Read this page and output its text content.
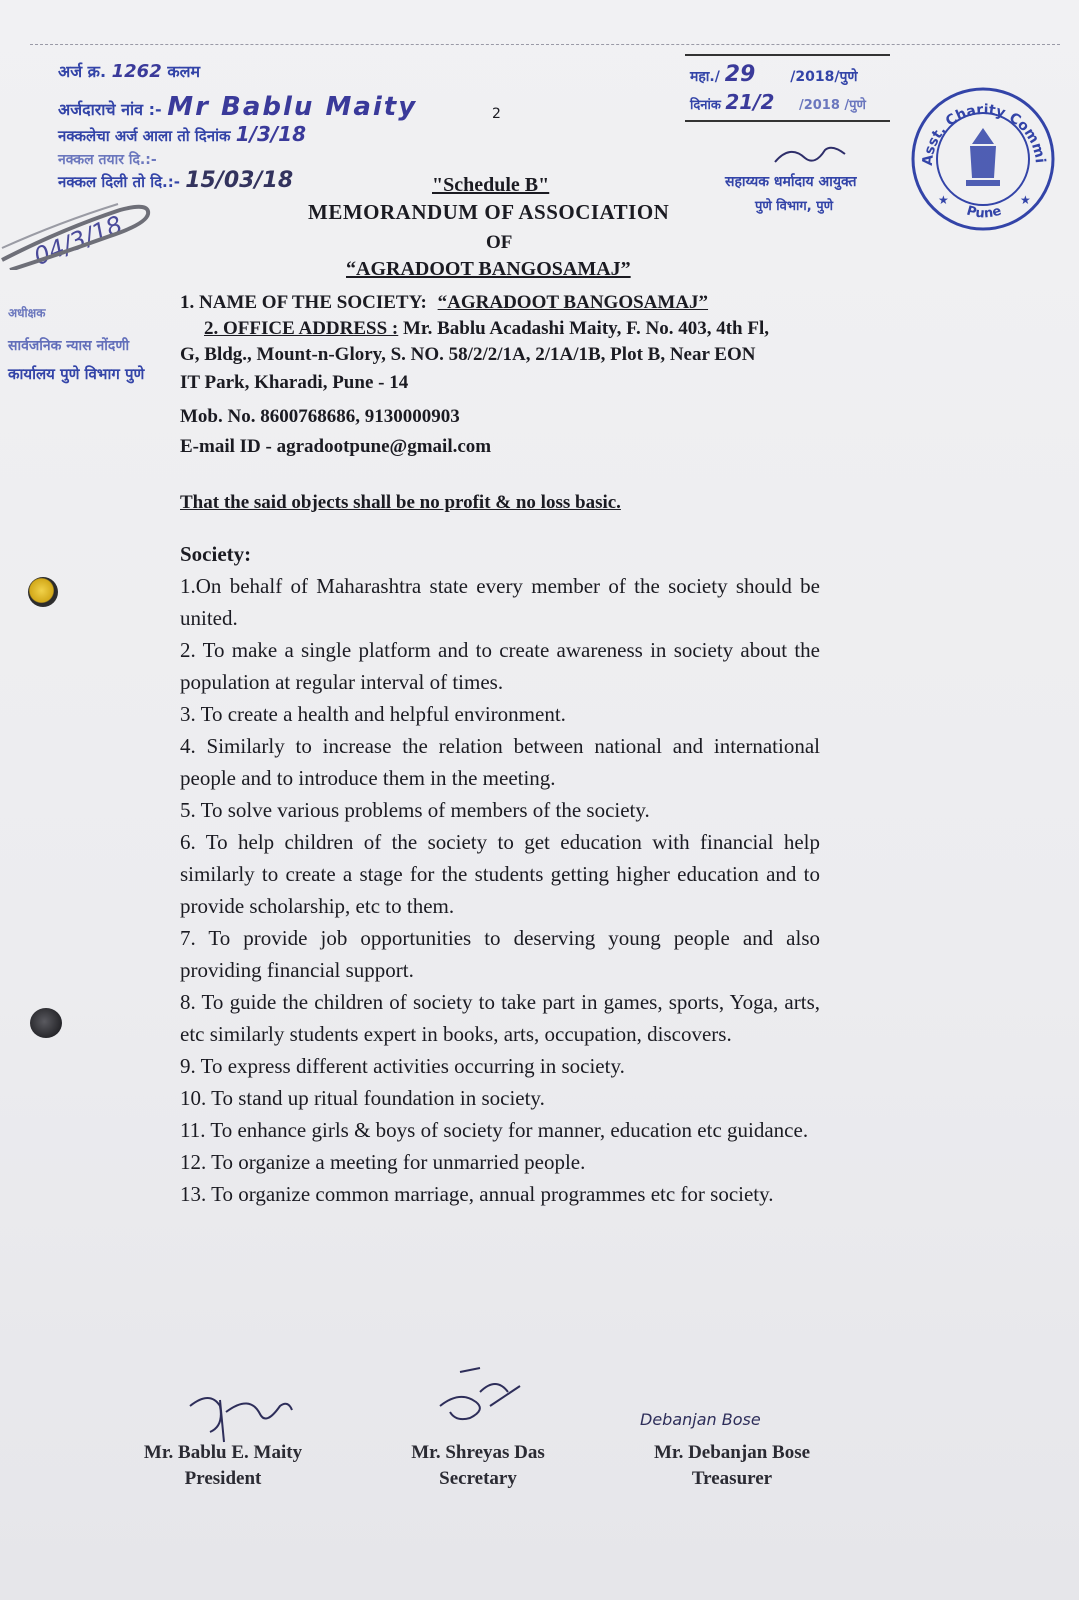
अर्ज क्र. 1262 कलम
अर्जदाराचे नांव :- Mr Bablu Maity	2
नक्कलेचा अर्ज आला तो दिनांक 1/3/18
नक्कल तयार दि.:-
नक्कल दिली तो दि.:- 15/03/18
04/3/18
महा./ 29 /2018/पुणे
दिनांक 21/2 /2018 /पुणे
सहाय्यक धर्मादाय आयुक्त
पुणे विभाग, पुणे
Asst. Charity Commi
Pune
★	★
अधीक्षक
सार्वजनिक न्यास नोंदणी
कार्यालय पुणे विभाग पुणे
"Schedule B"
MEMORANDUM OF ASSOCIATION
OF
“AGRADOOT BANGOSAMAJ”
1. NAME OF THE SOCIETY: “AGRADOOT BANGOSAMAJ”
2. OFFICE ADDRESS : Mr. Bablu Acadashi Maity, F. No. 403, 4th Fl,
G, Bldg., Mount-n-Glory, S. NO. 58/2/2/1A, 2/1A/1B, Plot B, Near EON
IT Park, Kharadi, Pune - 14
Mob. No. 8600768686, 9130000903
E-mail ID - agradootpune@gmail.com
That the said objects shall be no profit & no loss basic.

Society:

1.On behalf of Maharashtra state every member of the society should be united.

2. To make a single platform and to create awareness in society about the population at regular interval of times.

3. To create a health and helpful environment.

4. Similarly to increase the relation between national and international people and to introduce them in the meeting.

5. To solve various problems of members of the society.

6. To help children of the society to get education with financial help similarly to create a stage for the students getting higher education and to provide scholarship, etc to them.

7. To provide job opportunities to deserving young people and also providing financial support.

8. To guide the children of society to take part in games, sports, Yoga, arts, etc similarly students expert in books, arts, occupation, discovers.

9. To express different activities occurring in society.

10. To stand up ritual foundation in society.

11. To enhance girls & boys of society for manner, education etc guidance.

12. To organize a meeting for unmarried people.

13. To organize common marriage, annual programmes etc for society.

Debanjan Bose
Mr. Bablu E. Maity
President
Mr. Shreyas Das
Secretary
Mr. Debanjan Bose
Treasurer
